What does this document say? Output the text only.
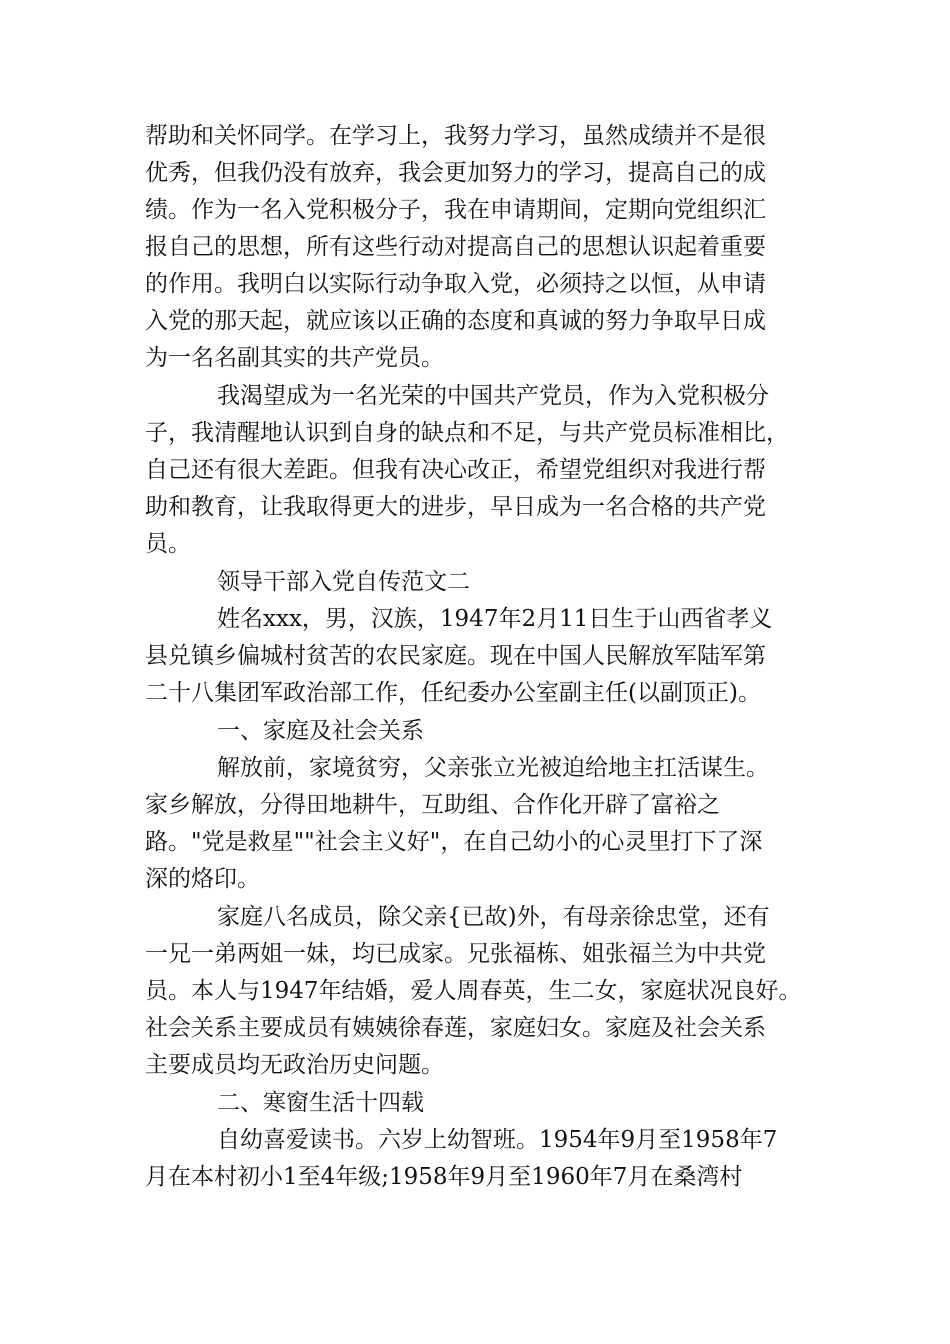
帮助和关怀同学。在学习上，我努力学习，虽然成绩并不是很
优秀，但我仍没有放弃，我会更加努力的学习，提高自己的成
绩。作为一名入党积极分子，我在申请期间，定期向党组织汇
报自己的思想，所有这些行动对提高自己的思想认识起着重要
的作用。我明白以实际行动争取入党，必须持之以恒，从申请
入党的那天起，就应该以正确的态度和真诚的努力争取早日成
为一名名副其实的共产党员。
我渴望成为一名光荣的中国共产党员，作为入党积极分
子，我清醒地认识到自身的缺点和不足，与共产党员标准相比，
自己还有很大差距。但我有决心改正，希望党组织对我进行帮
助和教育，让我取得更大的进步，早日成为一名合格的共产党
员。
领导干部入党自传范文二
姓名xxx，男，汉族，1947年2月11日生于山西省孝义
县兑镇乡偏城村贫苦的农民家庭。现在中国人民解放军陆军第
二十八集团军政治部工作，任纪委办公室副主任(以副顶正)。
一、家庭及社会关系
解放前，家境贫穷，父亲张立光被迫给地主扛活谋生。
家乡解放，分得田地耕牛，互助组、合作化开辟了富裕之
路。"党是救星""社会主义好"，在自己幼小的心灵里打下了深
深的烙印。
家庭八名成员，除父亲{已故)外，有母亲徐忠堂，还有
一兄一弟两姐一妹，均已成家。兄张福栋、姐张福兰为中共党
员。本人与1947年结婚，爱人周春英，生二女，家庭状况良好。
社会关系主要成员有姨姨徐春莲，家庭妇女。家庭及社会关系
主要成员均无政治历史问题。
二、寒窗生活十四载
自幼喜爱读书。六岁上幼智班。1954年9月至1958年7
月在本村初小1至4年级;1958年9月至1960年7月在桑湾村
